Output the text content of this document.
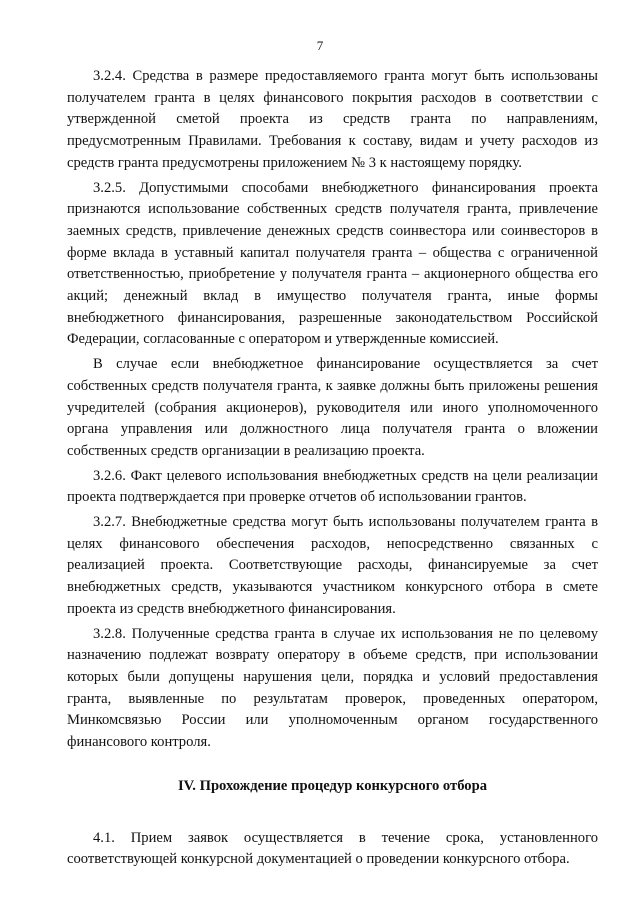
7

3.2.4. Средства в размере предоставляемого гранта могут быть использованы получателем гранта в целях финансового покрытия расходов в соответствии с утвержденной сметой проекта из средств гранта по направлениям, предусмотренным Правилами. Требования к составу, видам и учету расходов из средств гранта предусмотрены приложением № 3 к настоящему порядку.

3.2.5. Допустимыми способами внебюджетного финансирования проекта признаются использование собственных средств получателя гранта, привлечение заемных средств, привлечение денежных средств соинвестора или соинвесторов в форме вклада в уставный капитал получателя гранта – общества с ограниченной ответственностью, приобретение у получателя гранта – акционерного общества его акций; денежный вклад в имущество получателя гранта, иные формы внебюджетного финансирования, разрешенные законодательством Российской Федерации, согласованные с оператором и утвержденные комиссией.

В случае если внебюджетное финансирование осуществляется за счет собственных средств получателя гранта, к заявке должны быть приложены решения учредителей (собрания акционеров), руководителя или иного уполномоченного органа управления или должностного лица получателя гранта о вложении собственных средств организации в реализацию проекта.

3.2.6. Факт целевого использования внебюджетных средств на цели реализации проекта подтверждается при проверке отчетов об использовании грантов.

3.2.7. Внебюджетные средства могут быть использованы получателем гранта в целях финансового обеспечения расходов, непосредственно связанных с реализацией проекта. Соответствующие расходы, финансируемые за счет внебюджетных средств, указываются участником конкурсного отбора в смете проекта из средств внебюджетного финансирования.

3.2.8. Полученные средства гранта в случае их использования не по целевому назначению подлежат возврату оператору в объеме средств, при использовании которых были допущены нарушения цели, порядка и условий предоставления гранта, выявленные по результатам проверок, проведенных оператором, Минкомсвязью России или уполномоченным органом государственного финансового контроля.

IV. Прохождение процедур конкурсного отбора

4.1. Прием заявок осуществляется в течение срока, установленного соответствующей конкурсной документацией о проведении конкурсного отбора.
